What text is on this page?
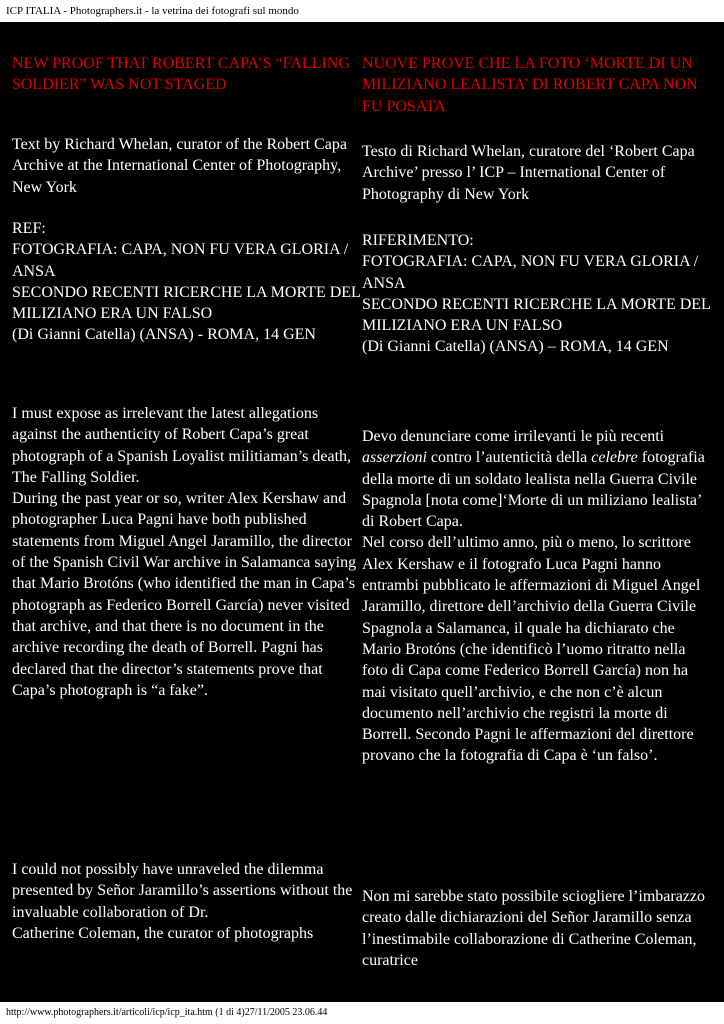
ICP ITALIA - Photographers.it - la vetrina dei fotografi sul mondo
NEW PROOF THAT ROBERT CAPA’S “FALLING SOLDIER” WAS NOT STAGED
Text by Richard Whelan, curator of the Robert Capa Archive at the International Center of Photography, New York

REF:

FOTOGRAFIA: CAPA, NON FU VERA GLORIA / ANSA

SECONDO RECENTI RICERCHE LA MORTE DEL MILIZIANO ERA UN FALSO

(Di Gianni Catella) (ANSA) - ROMA, 14 GEN

I must expose as irrelevant the latest allegations against the authenticity of Robert Capa’s great photograph of a Spanish Loyalist militiaman’s death, The Falling Soldier.

During the past year or so, writer Alex Kershaw and photographer Luca Pagni have both published statements from Miguel Angel Jaramillo, the director of the Spanish Civil War archive in Salamanca saying that Mario Brotóns (who identified the man in Capa’s photograph as Federico Borrell García) never visited that archive, and that there is no document in the archive recording the death of Borrell. Pagni has declared that the director’s statements prove that Capa’s photograph is “a fake”.

I could not possibly have unraveled the dilemma presented by Señor Jaramillo’s assertions without the invaluable collaboration of Dr.

Catherine Coleman, the curator of photographs

NUOVE PROVE CHE LA FOTO ‘MORTE DI UN MILIZIANO LEALISTA’ DI ROBERT CAPA NON FU POSATA
Testo di Richard Whelan, curatore del ‘Robert Capa Archive’ presso l’ ICP – International Center of Photography di New York

RIFERIMENTO:

FOTOGRAFIA: CAPA, NON FU VERA GLORIA / ANSA

SECONDO RECENTI RICERCHE LA MORTE DEL MILIZIANO ERA UN FALSO

(Di Gianni Catella) (ANSA) – ROMA, 14 GEN

Devo denunciare come irrilevanti le più recenti asserzioni contro l’autenticità della celebre fotografia della morte di un soldato lealista nella Guerra Civile Spagnola [nota come]‘Morte di un miliziano lealista’ di Robert Capa.

Nel corso dell’ultimo anno, più o meno, lo scrittore Alex Kershaw e il fotografo Luca Pagni hanno entrambi pubblicato le affermazioni di Miguel Angel Jaramillo, direttore dell’archivio della Guerra Civile Spagnola a Salamanca, il quale ha dichiarato che Mario Brotóns (che identificò l’uomo ritratto nella foto di Capa come Federico Borrell García) non ha mai visitato quell’archivio, e che non c’è alcun documento nell’archivio che registri la morte di Borrell. Secondo Pagni le affermazioni del direttore provano che la fotografia di Capa è ‘un falso’.

Non mi sarebbe stato possibile sciogliere l’imbarazzo creato dalle dichiarazioni del Señor Jaramillo senza l’inestimabile collaborazione di Catherine Coleman, curatrice

http://www.photographers.it/articoli/icp/icp_ita.htm (1 di 4)27/11/2005 23.06.44
